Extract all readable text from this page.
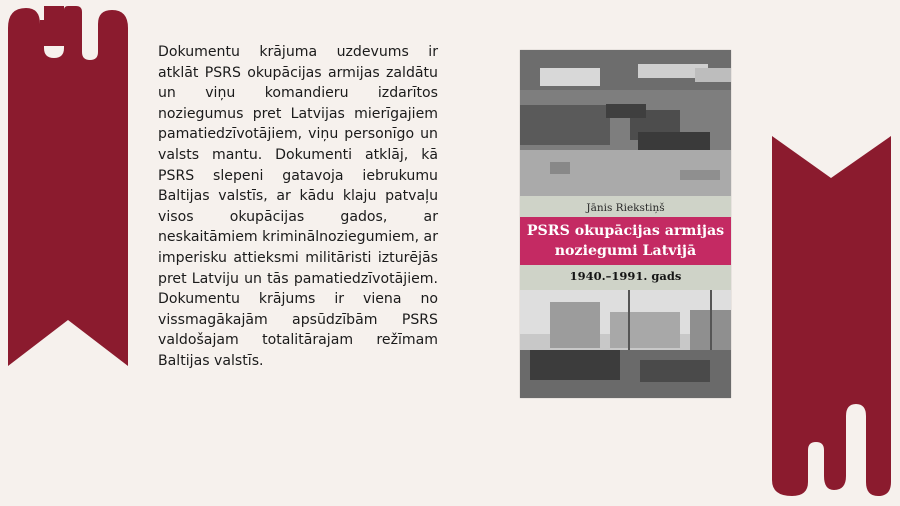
Dokumentu krājuma uzdevums ir atklāt PSRS okupācijas armijas zaldātu un viņu komandieru izdarītos noziegumus pret Latvijas mierīgajiem pamatiedzīvotājiem, viņu personīgo un valsts mantu. Dokumenti atklāj, kā PSRS slepeni gatavoja iebrukumu Baltijas valstīs, ar kādu klaju patvaļu visos okupācijas gados, ar neskaitāmiem kriminālnoziegumiem, ar imperisku attieksmi militāristi izturējās pret Latviju un tās pamatiedzīvotājiem. Dokumentu krājums ir viena no vissmagākajām apsūdzībām PSRS valdošajam totalitārajam režīmam Baltijas valstīs.

Jānis Riekstiņš
PSRS okupācijas armijas
noziegumi Latvijā
1940.–1991. gads
